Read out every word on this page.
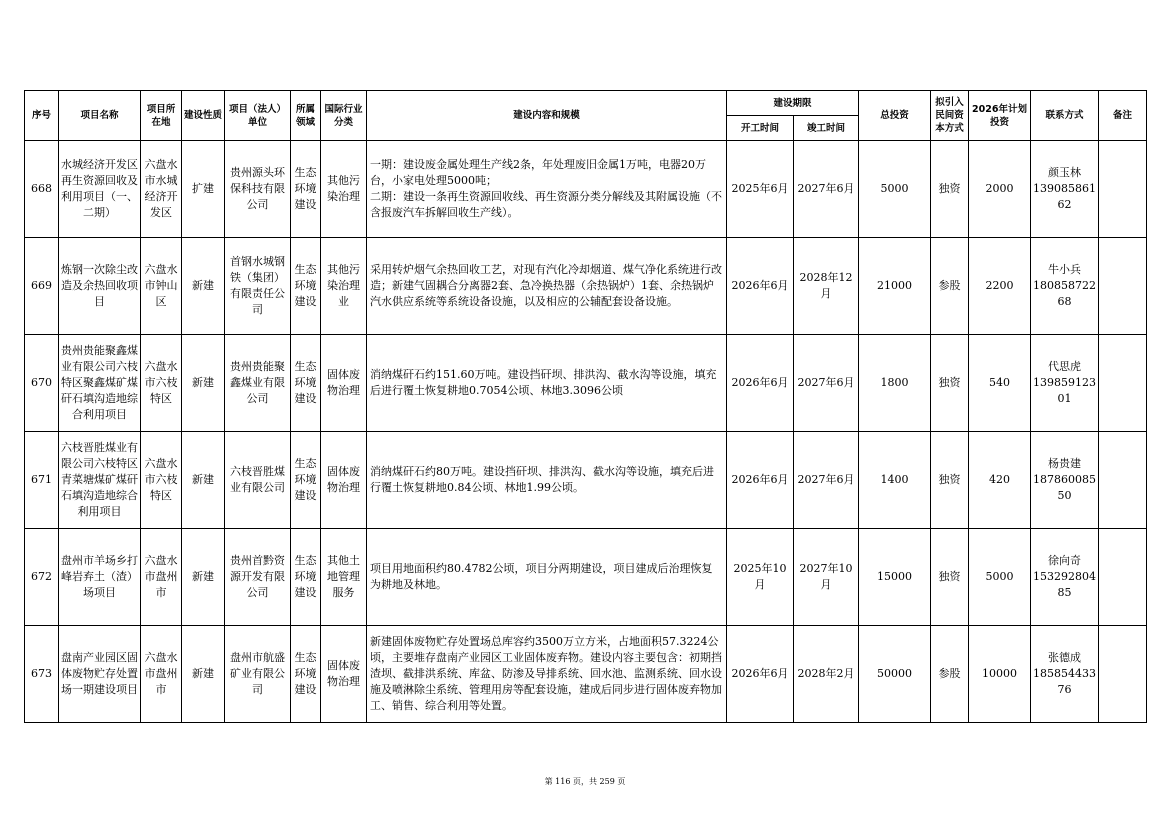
序号	项目名称	项目所在地	建设性质	项目（法人）单位	所属领域	国际行业分类	建设内容和规模	建设期限		总投资	拟引入民间资本方式	2026年计划投资	联系方式	备注
								开工时间	竣工时间					
668	水城经济开发区再生资源回收及利用项目（一、二期）	六盘水市水城经济开发区	扩建	贵州源头环保科技有限公司	生态环境建设	其他污染治理	一期：建设废金属处理生产线2条，年处理废旧金属1万吨，电器20万台，小家电处理5000吨；
二期：建设一条再生资源回收线、再生资源分类分解线及其附属设施（不含报废汽车拆解回收生产线）。	2025年6月	2027年6月	5000	独资	2000	颜玉林
13908586162	

669	炼钢一次除尘改造及余热回收项目	六盘水市钟山区	新建	首钢水城钢铁（集团）有限责任公司	生态环境建设	其他污染治理业	采用转炉烟气余热回收工艺，对现有汽化冷却烟道、煤气净化系统进行改造；新建气固耦合分离器2套、急冷换热器（余热锅炉）1套、余热锅炉汽水供应系统等系统设备设施，以及相应的公辅配套设备设施。	2026年6月	2028年12月	21000	参股	2200	牛小兵
18085872268	

670	贵州贵能聚鑫煤业有限公司六枝特区聚鑫煤矿煤矸石填沟造地综合利用项目	六盘水市六枝特区	新建	贵州贵能聚鑫煤业有限公司	生态环境建设	固体废物治理	消纳煤矸石约151.60万吨。建设挡矸坝、排洪沟、截水沟等设施，填充后进行覆土恢复耕地0.7054公顷、林地3.3096公顷	2026年6月	2027年6月	1800	独资	540	代思虎
13985912301	

671	六枝晋胜煤业有限公司六枝特区青菜塘煤矿煤矸石填沟造地综合利用项目	六盘水市六枝特区	新建	六枝晋胜煤业有限公司	生态环境建设	固体废物治理	消纳煤矸石约80万吨。建设挡矸坝、排洪沟、截水沟等设施，填充后进行覆土恢复耕地0.84公顷、林地1.99公顷。	2026年6月	2027年6月	1400	独资	420	杨贵建
18786008550	

672	盘州市羊场乡打峰岩弃土（渣）场项目	六盘水市盘州市	新建	贵州首黔资源开发有限公司	生态环境建设	其他土地管理服务	项目用地面积约80.4782公顷，项目分两期建设，项目建成后治理恢复为耕地及林地。	2025年10月	2027年10月	15000	独资	5000	徐向奇
15329280485	

673	盘南产业园区固体废物贮存处置场一期建设项目	六盘水市盘州市	新建	盘州市航盛矿业有限公司	生态环境建设	固体废物治理	新建固体废物贮存处置场总库容约3500万立方米，占地面积57.3224公顷，主要堆存盘南产业园区工业固体废弃物。建设内容主要包含：初期挡渣坝、截排洪系统、库盆、防渗及导排系统、回水池、监测系统、回水设施及喷淋除尘系统、管理用房等配套设施，建成后同步进行固体废弃物加工、销售、综合利用等处置。	2026年6月	2028年2月	50000	参股	10000	张德成
18585443376	

第 116 页，共 259 页
